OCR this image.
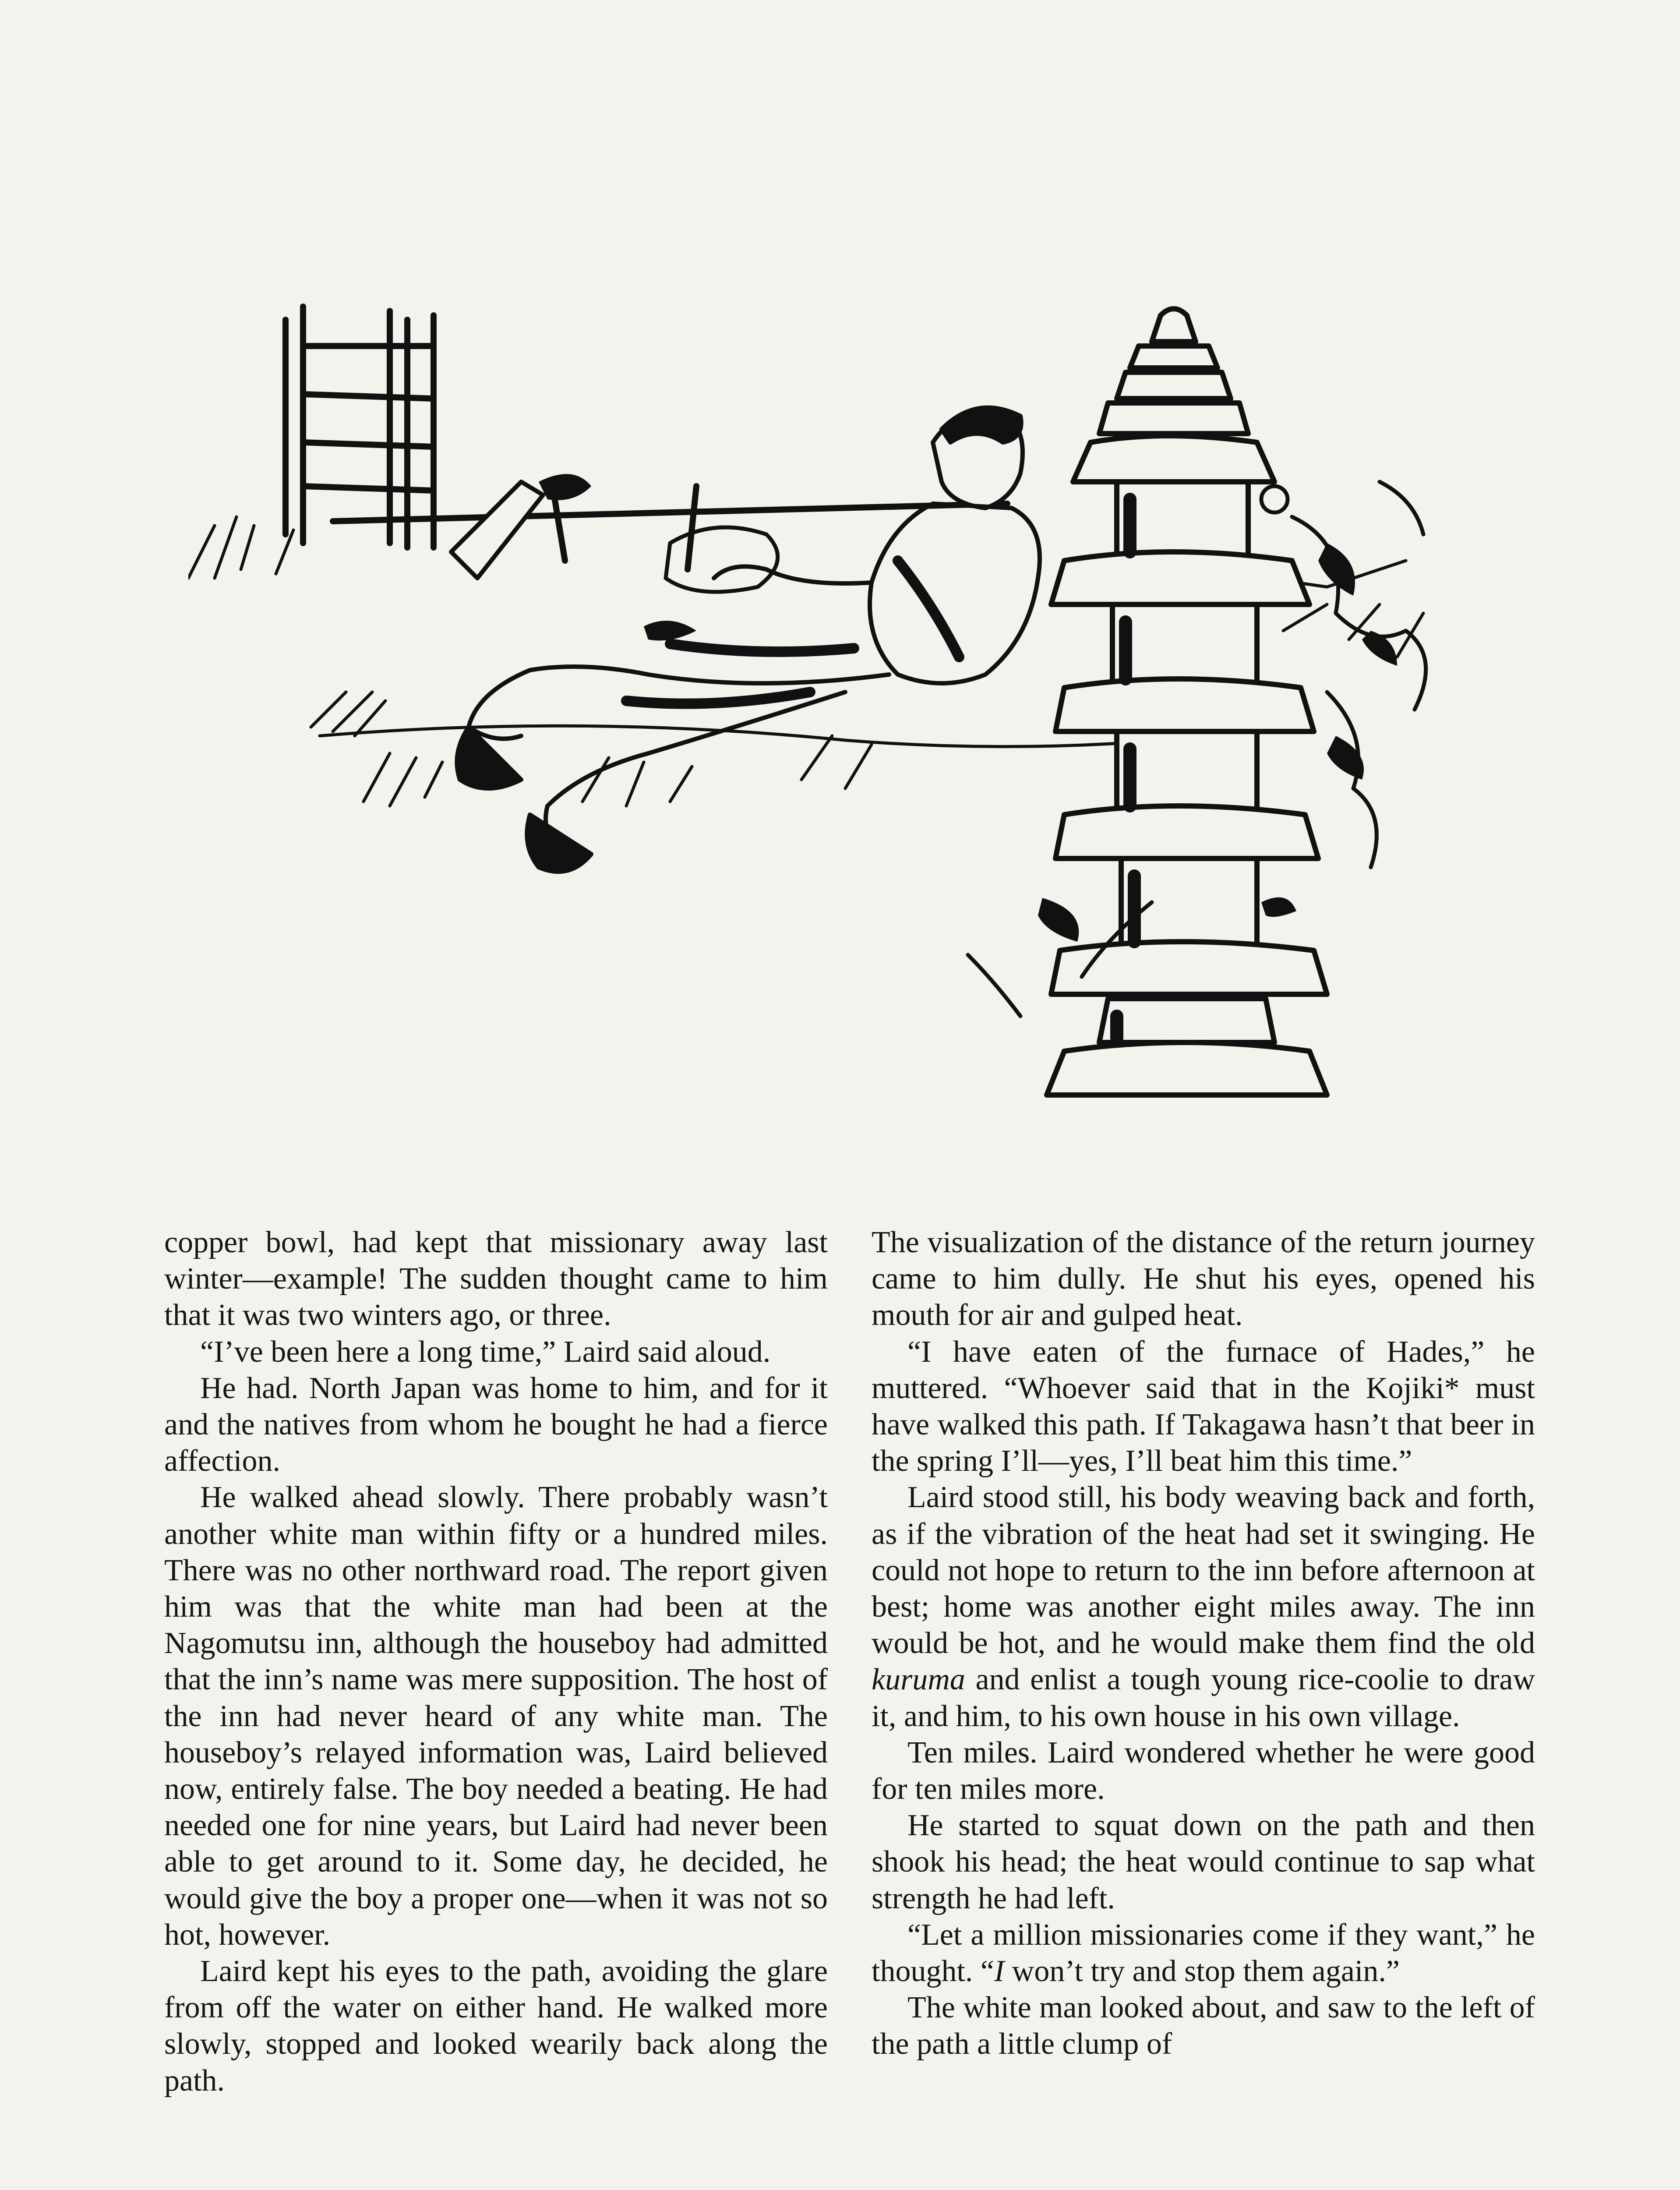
copper bowl, had kept that missionary away last winter—example! The sudden thought came to him that it was two winters ago, or three.

“I’ve been here a long time,” Laird said aloud.

He had. North Japan was home to him, and for it and the natives from whom he bought he had a fierce affection.

He walked ahead slowly. There probably wasn’t another white man within fifty or a hundred miles. There was no other northward road. The report given him was that the white man had been at the Nagomutsu inn, although the houseboy had admitted that the inn’s name was mere supposition. The host of the inn had never heard of any white man. The houseboy’s relayed information was, Laird believed now, entirely false. The boy needed a beating. He had needed one for nine years, but Laird had never been able to get around to it. Some day, he decided, he would give the boy a proper one—when it was not so hot, however.

Laird kept his eyes to the path, avoiding the glare from off the water on either hand. He walked more slowly, stopped and looked wearily back along the path.

The visualization of the distance of the return journey came to him dully. He shut his eyes, opened his mouth for air and gulped heat.

“I have eaten of the furnace of Hades,” he muttered. “Whoever said that in the Kojiki* must have walked this path. If Takagawa hasn’t that beer in the spring I’ll—yes, I’ll beat him this time.”

Laird stood still, his body weaving back and forth, as if the vibration of the heat had set it swinging. He could not hope to return to the inn before afternoon at best; home was another eight miles away. The inn would be hot, and he would make them find the old kuruma and enlist a tough young rice-coolie to draw it, and him, to his own house in his own village.

Ten miles. Laird wondered whether he were good for ten miles more.

He started to squat down on the path and then shook his head; the heat would continue to sap what strength he had left.

“Let a million missionaries come if they want,” he thought. “I won’t try and stop them again.”

The white man looked about, and saw to the left of the path a little clump of
